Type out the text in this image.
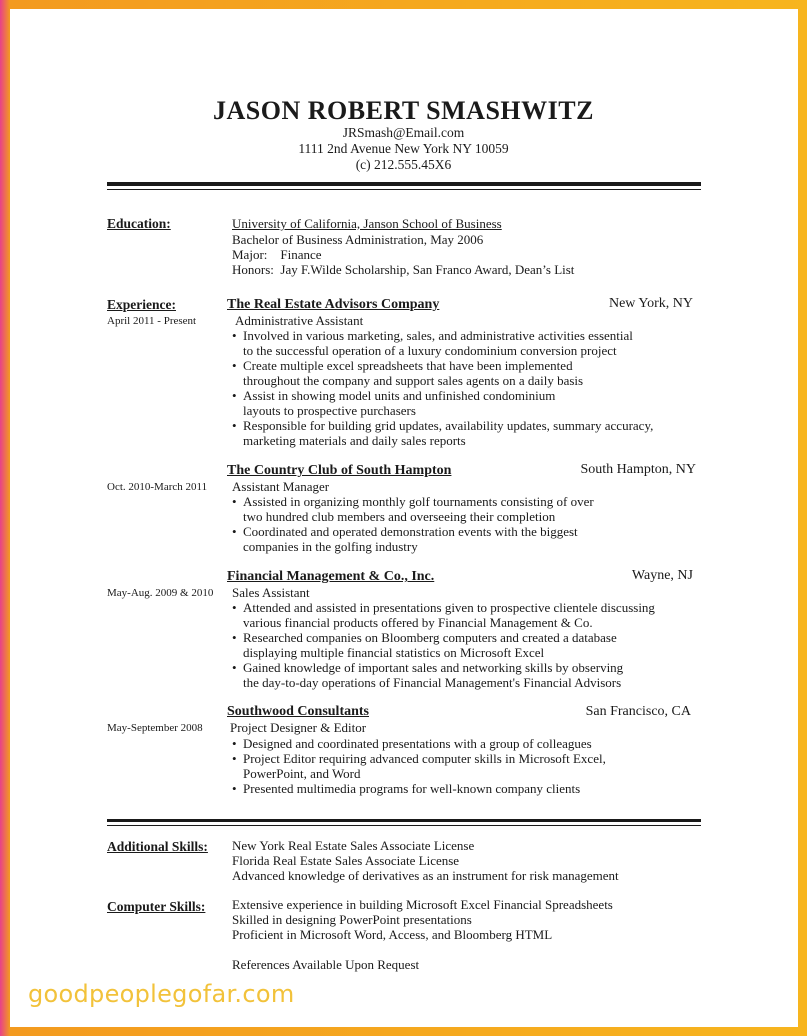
JASON ROBERT SMASHWITZ
JRSmash@Email.com
1111 2nd Avenue New York NY 10059
(c) 212.555.45X6
Education:	University of California, Janson School of Business
Bachelor of Business Administration, May 2006
Major:    Finance
Honors:  Jay F.Wilde Scholarship, San Franco Award, Dean’s List
Experience:	The Real Estate Advisors Company	New York, NY
April 2011 - Present	Administrative Assistant
• Involved in various marketing, sales, and administrative activities essential
to the successful operation of a luxury condominium conversion project
• Create multiple excel spreadsheets that have been implemented
throughout the company and support sales agents on a daily basis
• Assist in showing model units and unfinished condominium
layouts to prospective purchasers
• Responsible for building grid updates, availability updates, summary accuracy,
marketing materials and daily sales reports
The Country Club of South Hampton	South Hampton, NY
Oct. 2010-March 2011 Assistant Manager
• Assisted in organizing monthly golf tournaments consisting of over
two hundred club members and overseeing their completion
• Coordinated and operated demonstration events with the biggest
companies in the golfing industry
Financial Management & Co., Inc.	Wayne, NJ
May-Aug. 2009 & 2010 Sales Assistant
• Attended and assisted in presentations given to prospective clientele discussing
various financial products offered by Financial Management & Co.
• Researched companies on Bloomberg computers and created a database
displaying multiple financial statistics on Microsoft Excel
• Gained knowledge of important sales and networking skills by observing
the day-to-day operations of Financial Management's Financial Advisors
Southwood Consultants	San Francisco, CA
May-September 2008 Project Designer & Editor
• Designed and coordinated presentations with a group of colleagues
• Project Editor requiring advanced computer skills in Microsoft Excel,
PowerPoint, and Word
• Presented multimedia programs for well-known company clients
Additional Skills: New York Real Estate Sales Associate License
Florida Real Estate Sales Associate License
Advanced knowledge of derivatives as an instrument for risk management
Computer Skills: Extensive experience in building Microsoft Excel Financial Spreadsheets
Skilled in designing PowerPoint presentations
Proficient in Microsoft Word, Access, and Bloomberg HTML
References Available Upon Request
goodpeoplegofar.com
